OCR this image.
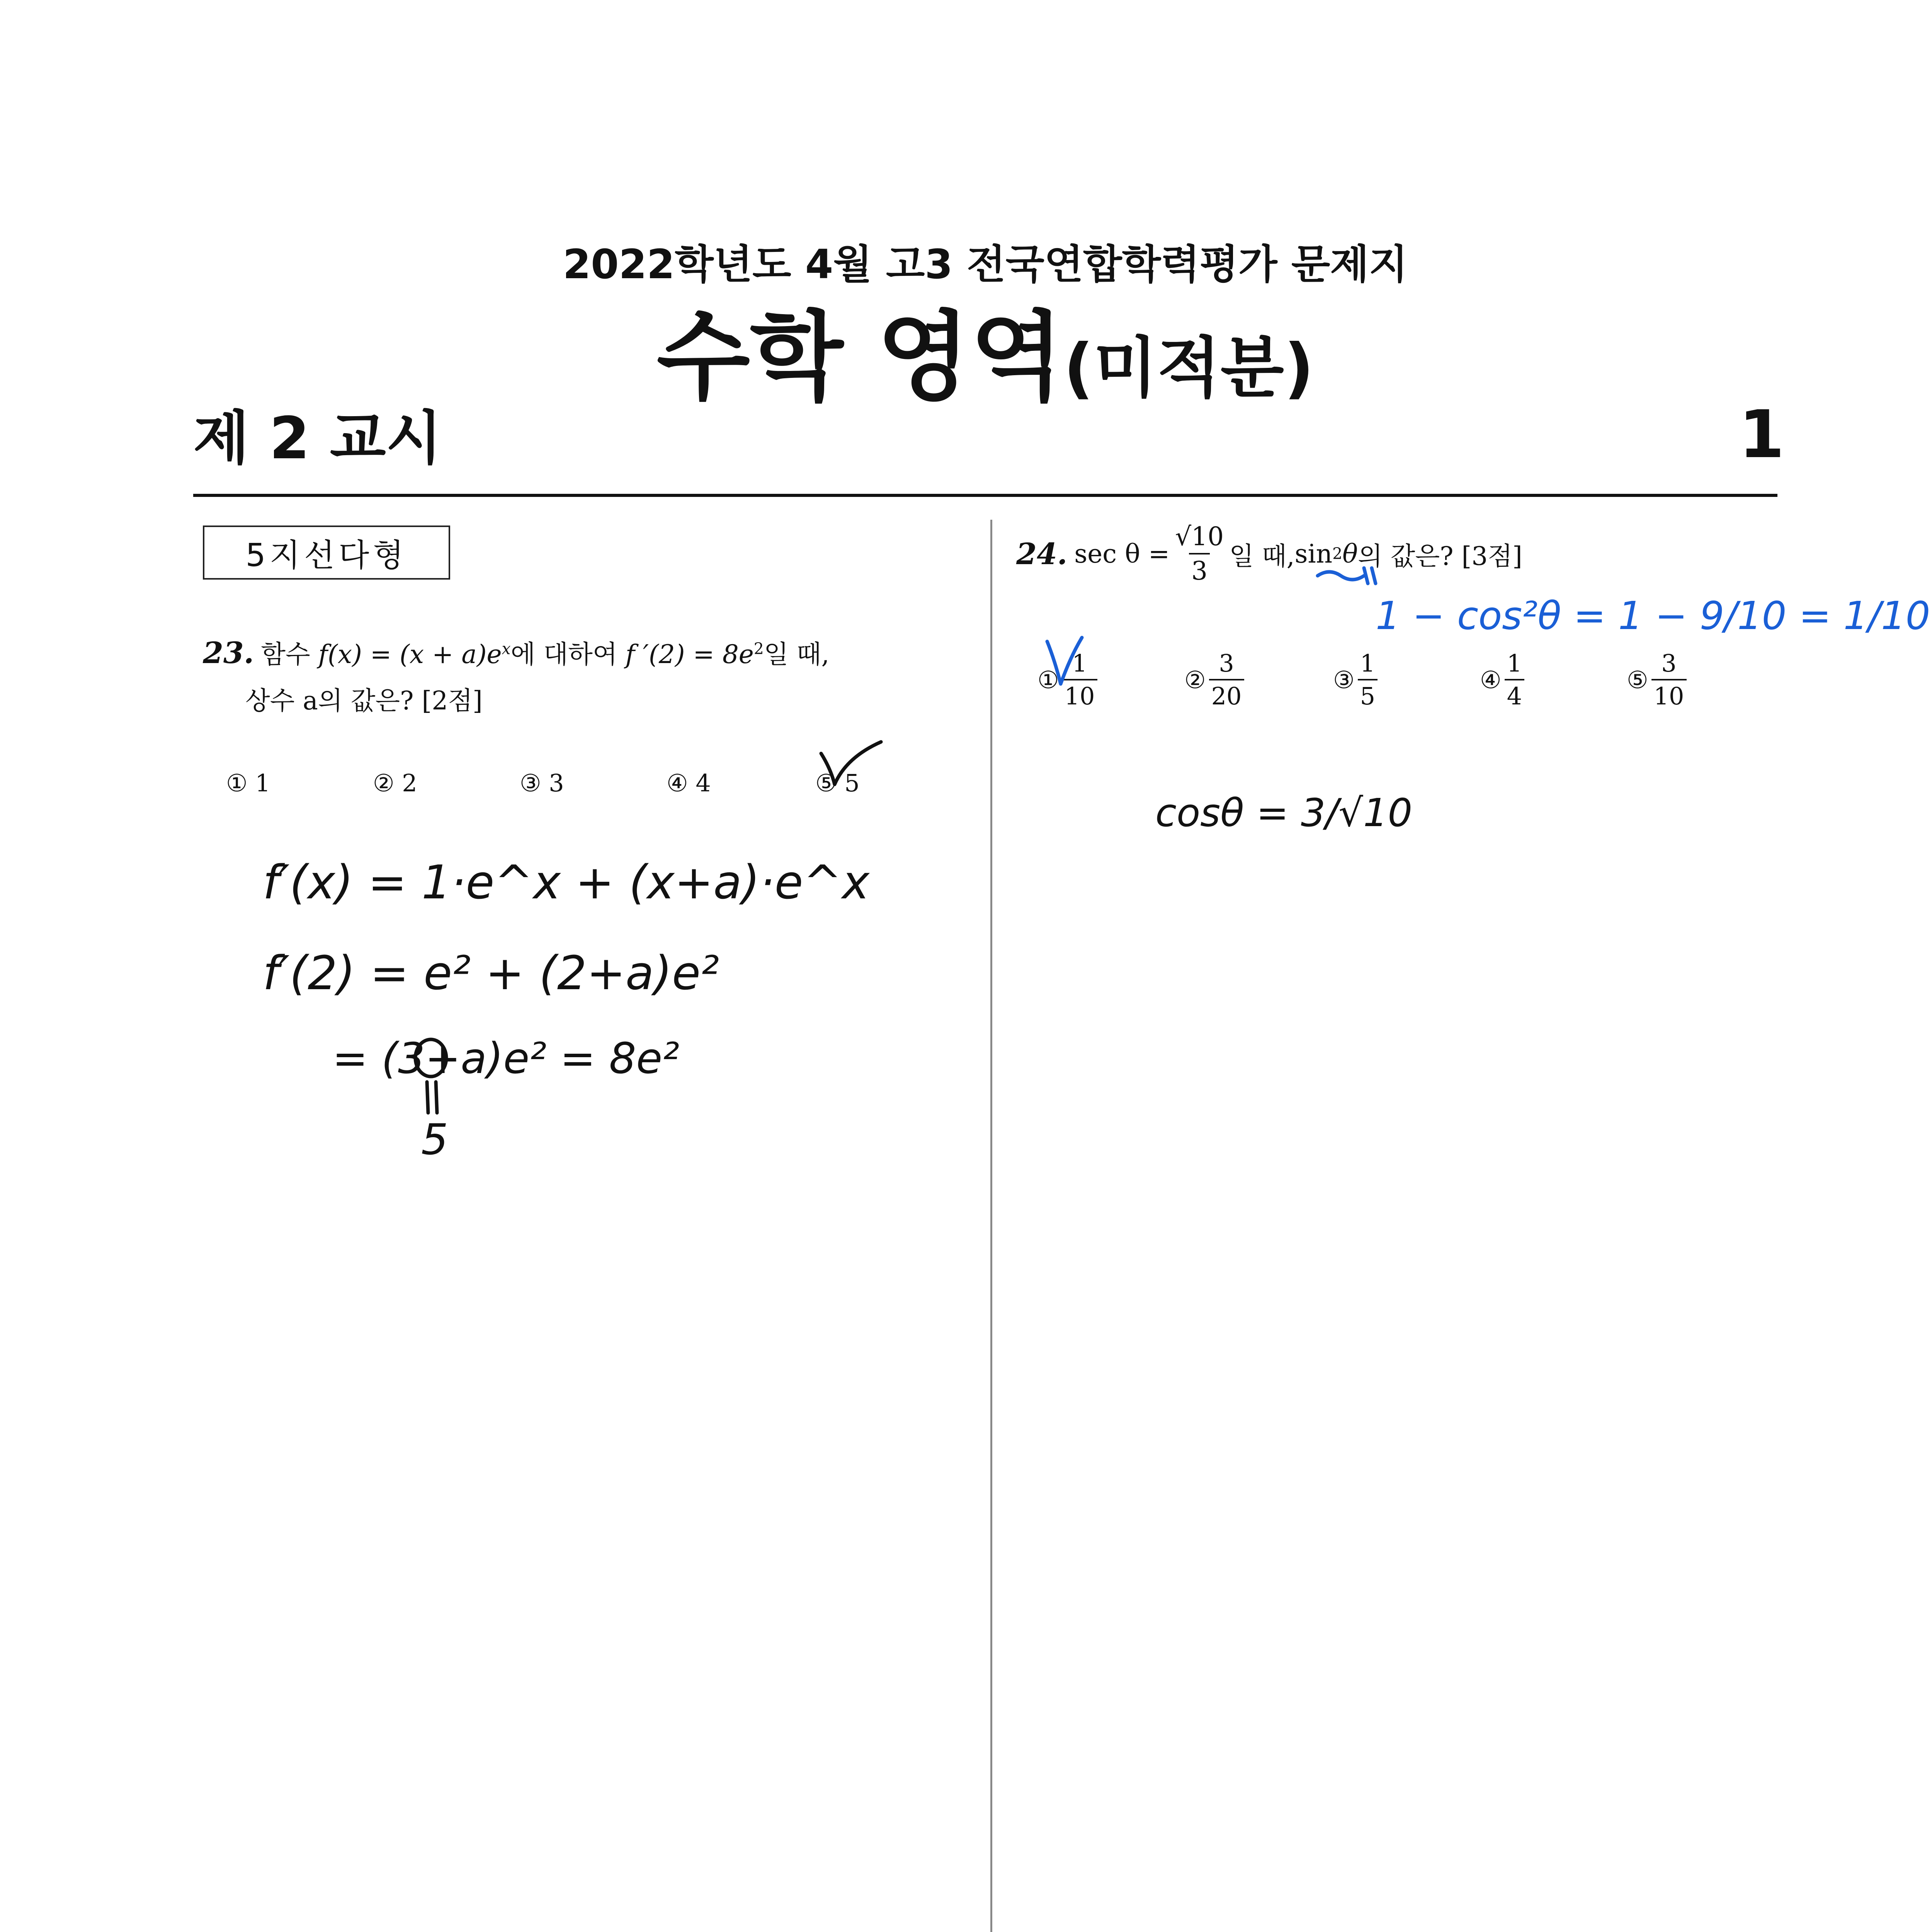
2022학년도 4월 고3 전국연합학력평가 문제지
수학 영역(미적분)
제 2 교시	1
5지선다형
23. 함수 $f(x) = (x + a)e^x$에 대하여 f $'(2) = 8e^2$일 때,
상수 a의 값은? [2점]
① 1	② 2	③ 3	④ 4	⑤ 5
24. $\sec \theta = \frac{√10}{3}$ 일 때, sin 2 θ 의 값은? [3점]
① $\frac{1}{10}$	② $\frac{3}{20}$	③ $\frac{1}{5}$	④ $\frac{1}{4}$	⑤ $\frac{3}{10}$
f′(x) = 1·e^x + (x+a)·e^x
f′(2) = e² + (2+a)e²
= (3+a)e² = 8e²
5
1 − cos²θ = 1 − 9/10 = 1/10
cosθ = 3/√10
